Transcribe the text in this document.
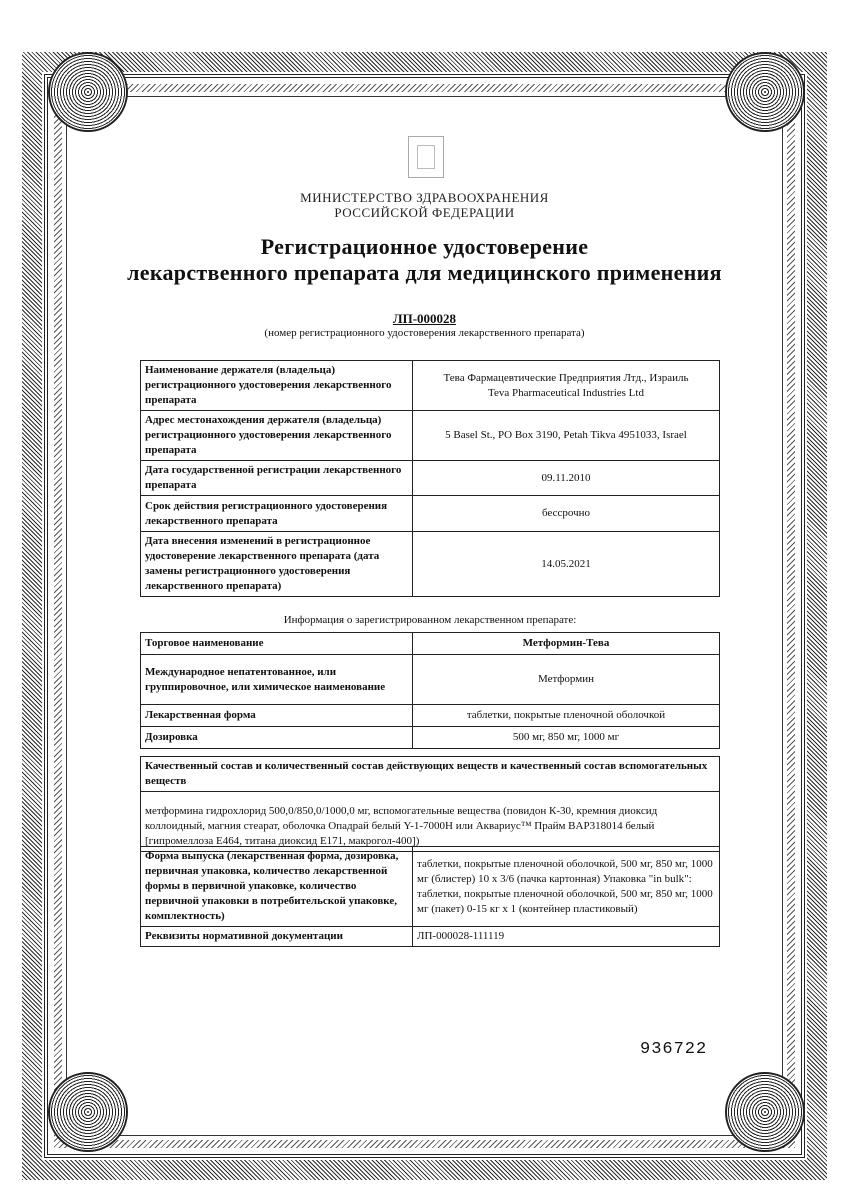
МИНИСТЕРСТВО ЗДРАВООХРАНЕНИЯ
РОССИЙСКОЙ ФЕДЕРАЦИИ
Регистрационное удостоверение
лекарственного препарата для медицинского применения
ЛП-000028
(номер регистрационного удостоверения лекарственного препарата)
Наименование держателя (владельца) регистрационного удостоверения лекарственного препарата	Тева Фармацевтические Предприятия Лтд., Израиль
Teva Pharmaceutical Industries Ltd

Адрес местонахождения держателя (владельца) регистрационного удостоверения лекарственного препарата	5 Basel St., PO Box 3190, Petah Tikva 4951033, Israel

Дата государственной регистрации лекарственного препарата	09.11.2010

Срок действия регистрационного удостоверения лекарственного препарата	бессрочно

Дата внесения изменений в регистрационное удостоверение лекарственного препарата (дата замены регистрационного удостоверения лекарственного препарата)	14.05.2021
Информация о зарегистрированном лекарственном препарате:
Торговое наименование	Метформин-Тева
Международное непатентованное, или группировочное, или химическое наименование	Метформин
Лекарственная форма	таблетки, покрытые пленочной оболочкой
Дозировка	500 мг, 850 мг, 1000 мг
Качественный состав и количественный состав действующих веществ и качественный состав вспомогательных веществ
метформина гидрохлорид 500,0/850,0/1000,0 мг, вспомогательные вещества (повидон К-30, кремния диоксид коллоидный, магния стеарат, оболочка Опадрай белый Y-1-7000H или Аквариус™ Прайм BAP318014 белый [гипромеллоза Е464, титана диоксид Е171, макрогол-400])
Форма выпуска (лекарственная форма, дозировка, первичная упаковка, количество лекарственной формы в первичной упаковке, количество первичной упаковки в потребительской упаковке, комплектность)	таблетки, покрытые пленочной оболочкой, 500 мг, 850 мг, 1000 мг (блистер) 10 x 3/6 (пачка картонная) Упаковка "in bulk": таблетки, покрытые пленочной оболочкой, 500 мг, 850 мг, 1000 мг (пакет) 0-15 кг x 1 (контейнер пластиковый)
Реквизиты нормативной документации	ЛП-000028-111119
936722
